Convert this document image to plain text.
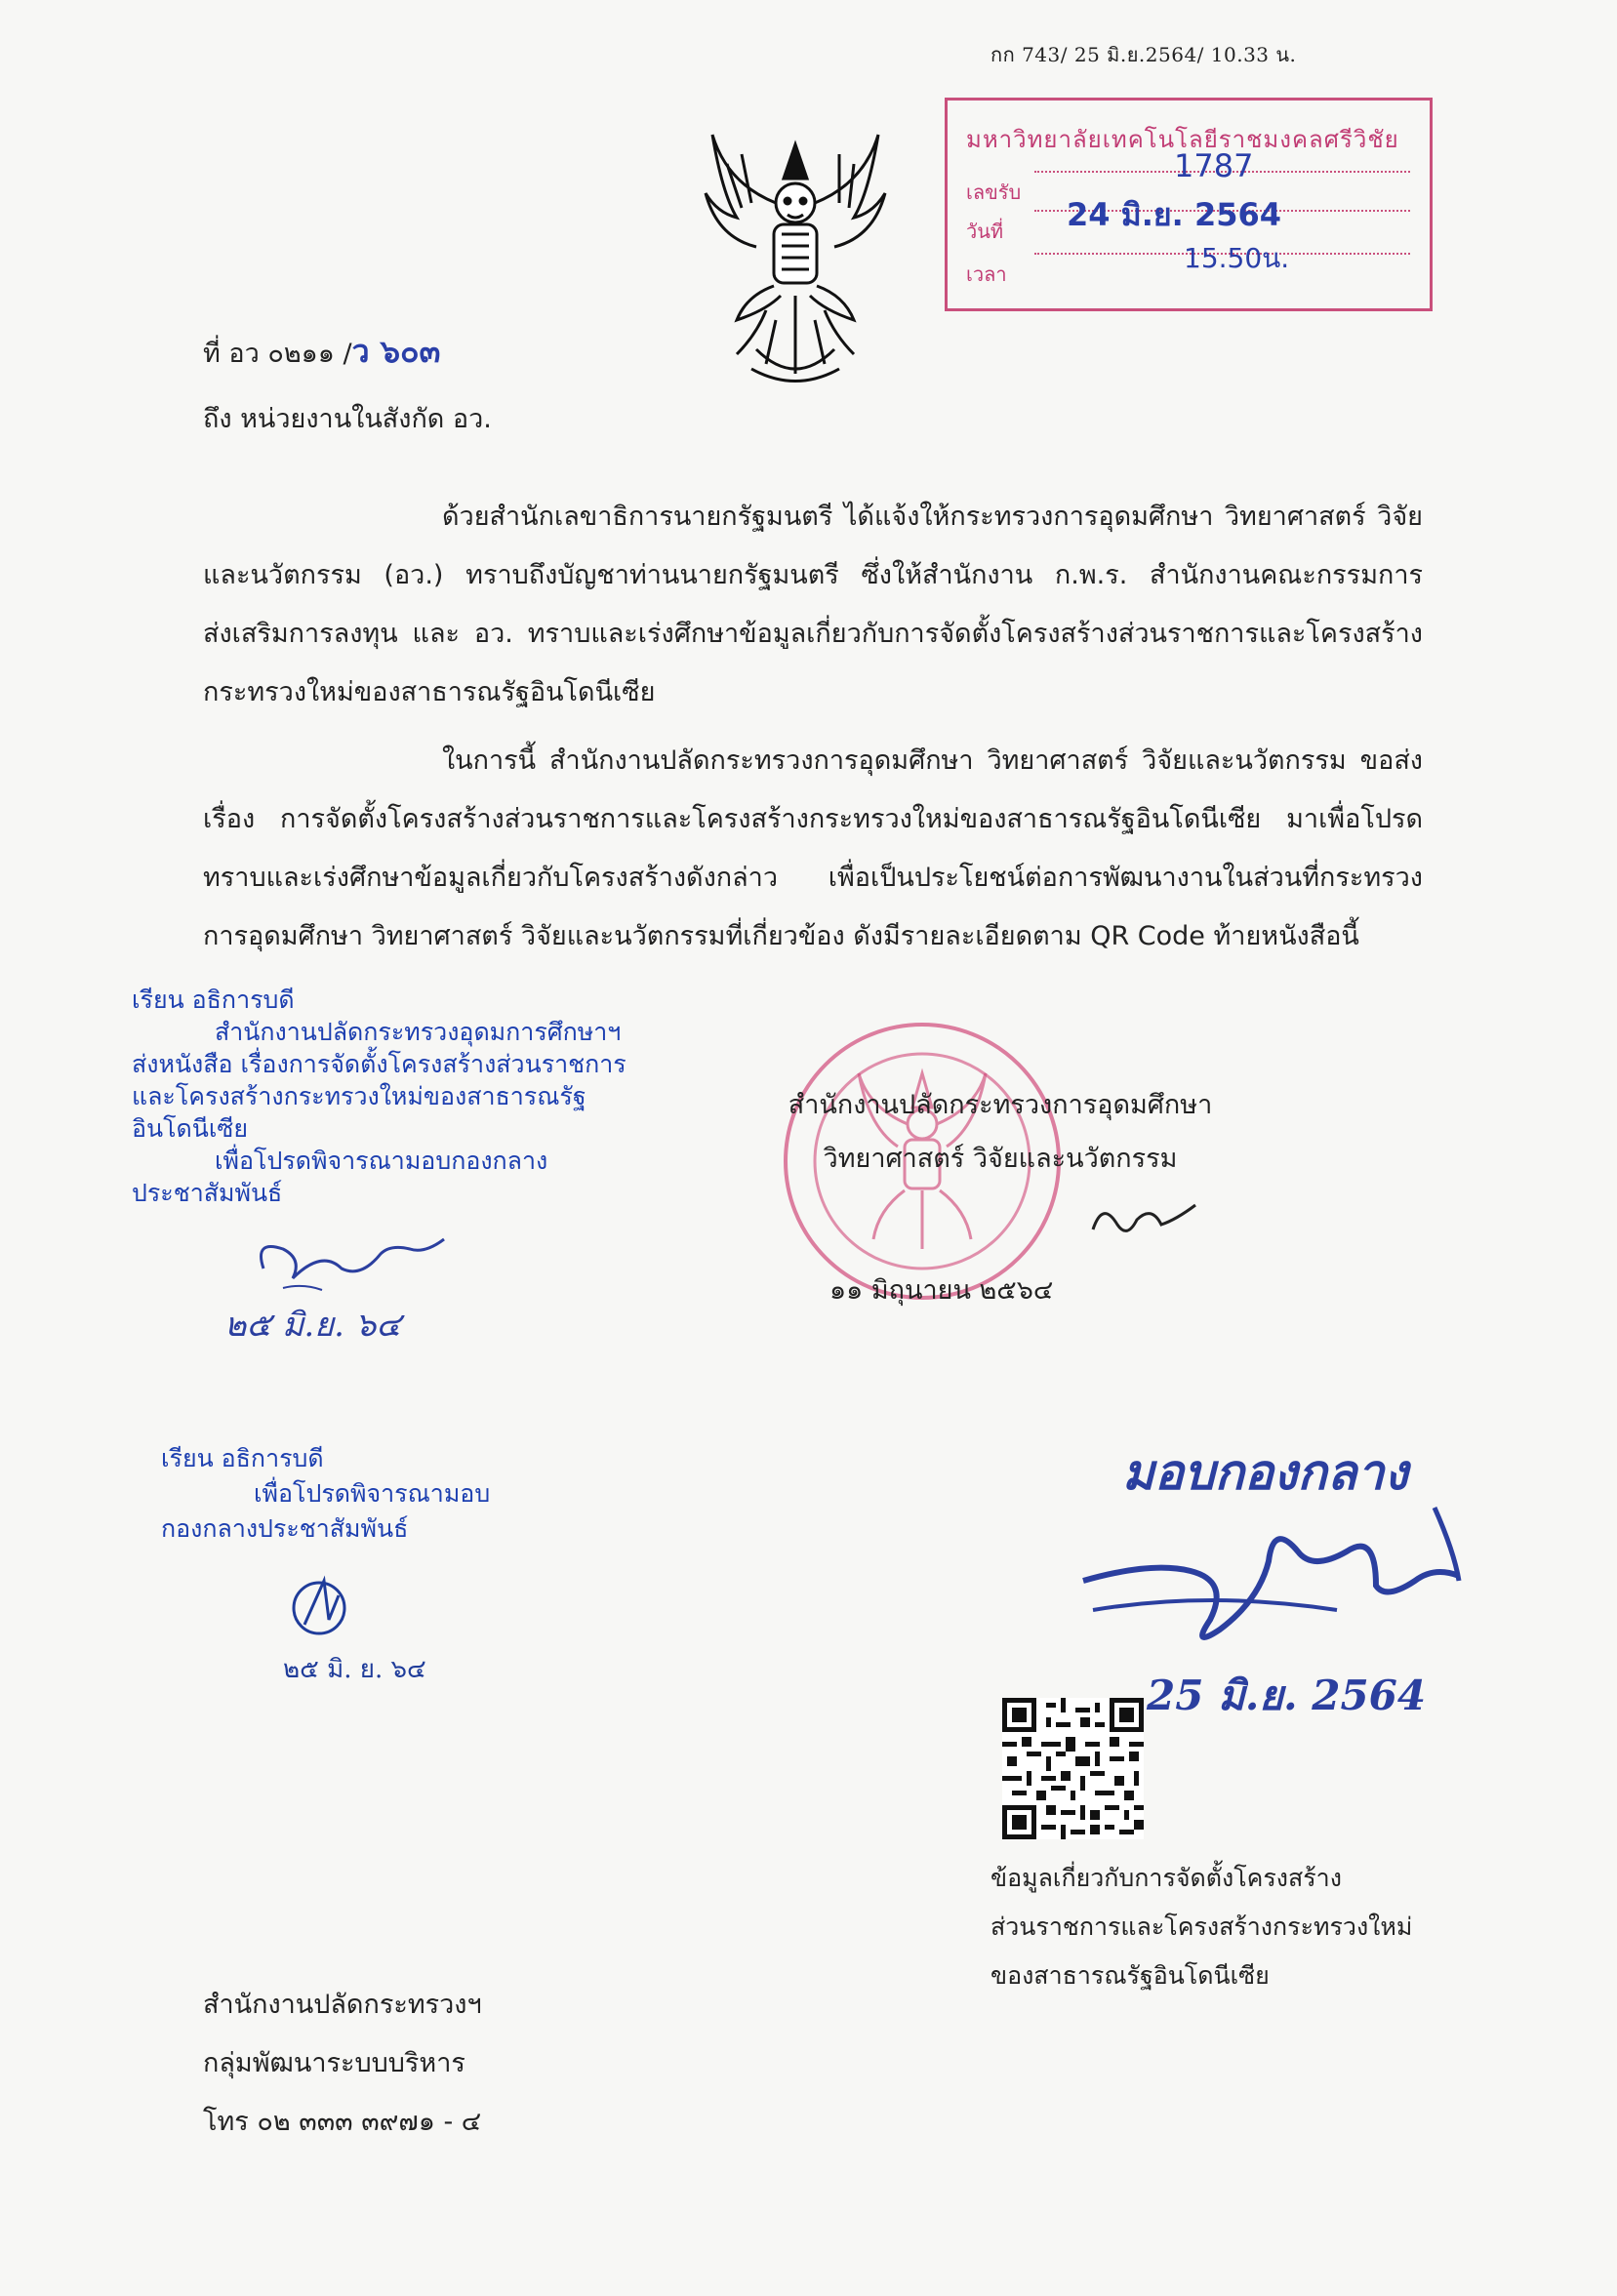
กก 743/ 25 มิ.ย.2564/ 10.33 น.
มหาวิทยาลัยเทคโนโลยีราชมงคลศรีวิชัย
เลขรับ
วันที่
เวลา
1787
24 มิ.ย. 2564
15.50น.
ที่ อว ๐๒๑๑ /ว ๖๐๓
ถึง หน่วยงานในสังกัด อว.
ด้วยสำนักเลขาธิการนายกรัฐมนตรี ได้แจ้งให้กระทรวงการอุดมศึกษา วิทยาศาสตร์ วิจัย
และนวัตกรรม (อว.) ทราบถึงบัญชาท่านนายกรัฐมนตรี ซึ่งให้สำนักงาน ก.พ.ร. สำนักงานคณะกรรมการ
ส่งเสริมการลงทุน และ อว. ทราบและเร่งศึกษาข้อมูลเกี่ยวกับการจัดตั้งโครงสร้างส่วนราชการและโครงสร้าง
กระทรวงใหม่ของสาธารณรัฐอินโดนีเซีย
ในการนี้ สำนักงานปลัดกระทรวงการอุดมศึกษา วิทยาศาสตร์ วิจัยและนวัตกรรม ขอส่ง
เรื่อง การจัดตั้งโครงสร้างส่วนราชการและโครงสร้างกระทรวงใหม่ของสาธารณรัฐอินโดนีเซีย มาเพื่อโปรด
ทราบและเร่งศึกษาข้อมูลเกี่ยวกับโครงสร้างดังกล่าว เพื่อเป็นประโยชน์ต่อการพัฒนางานในส่วนที่กระทรวง
การอุดมศึกษา วิทยาศาสตร์ วิจัยและนวัตกรรมที่เกี่ยวข้อง ดังมีรายละเอียดตาม QR Code ท้ายหนังสือนี้
เรียน อธิการบดี
สำนักงานปลัดกระทรวงอุดมการศึกษาฯ
ส่งหนังสือ เรื่องการจัดตั้งโครงสร้างส่วนราชการ
และโครงสร้างกระทรวงใหม่ของสาธารณรัฐ
อินโดนีเซีย
เพื่อโปรดพิจารณามอบกองกลาง
ประชาสัมพันธ์
๒๕ มิ.ย. ๖๔
เรียน อธิการบดี
เพื่อโปรดพิจารณามอบ
กองกลางประชาสัมพันธ์
๒๕ มิ. ย. ๖๔
สำนักงานปลัดกระทรวงการอุดมศึกษา
วิทยาศาสตร์ วิจัยและนวัตกรรม
๑๑ มิถุนายน ๒๕๖๔
มอบกองกลาง
25 มิ.ย. 2564
ข้อมูลเกี่ยวกับการจัดตั้งโครงสร้าง
ส่วนราชการและโครงสร้างกระทรวงใหม่
ของสาธารณรัฐอินโดนีเซีย
สำนักงานปลัดกระทรวงฯ
กลุ่มพัฒนาระบบบริหาร
โทร ๐๒ ๓๓๓ ๓๙๗๑ - ๔
